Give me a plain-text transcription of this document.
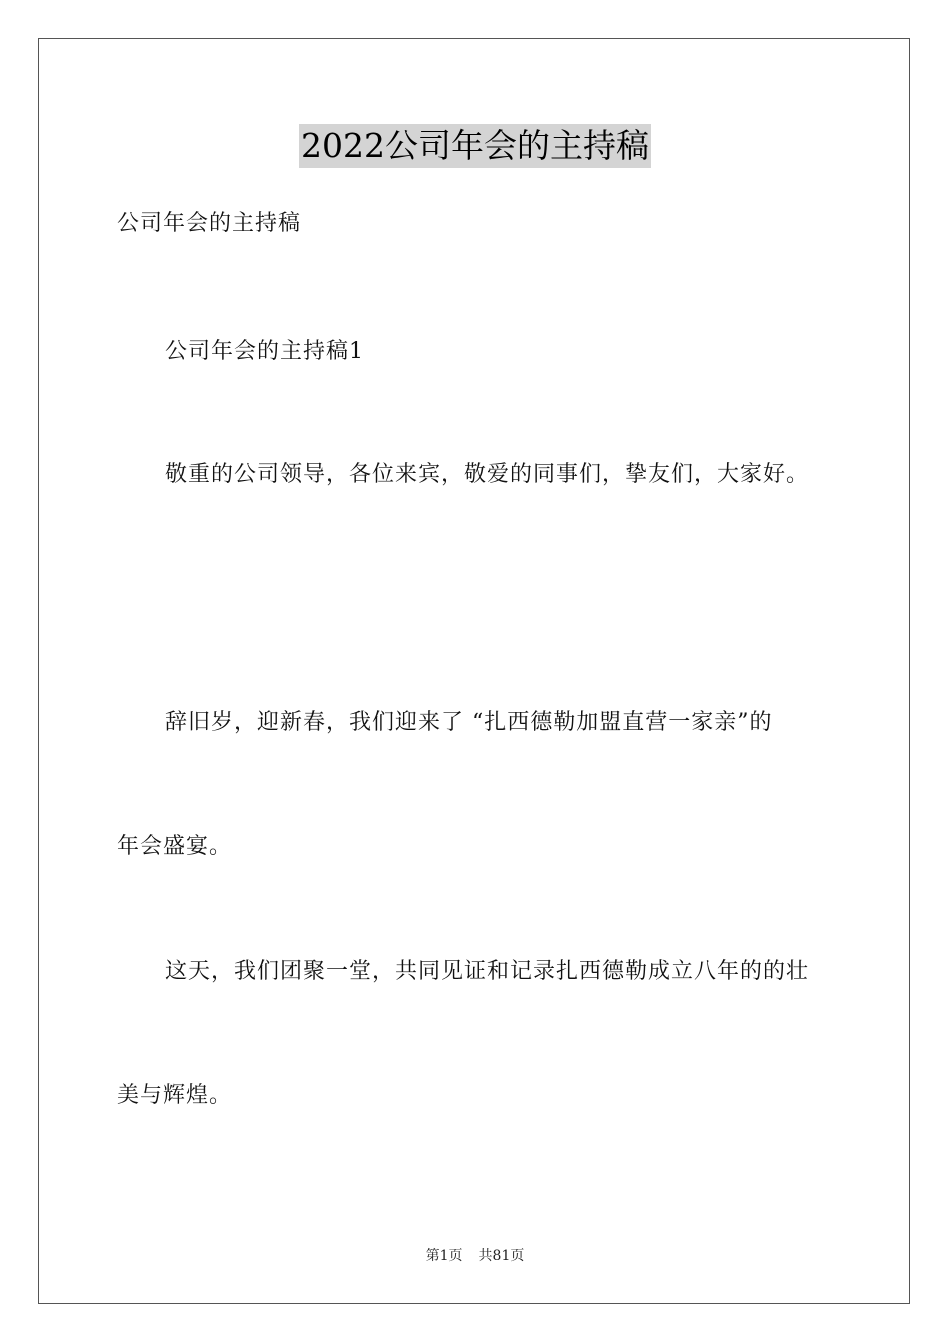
2022公司年会的主持稿
公司年会的主持稿
公司年会的主持稿1
敬重的公司领导，各位来宾，敬爱的同事们，挚友们，大家好。
辞旧岁，迎新春，我们迎来了 “扎西德勒加盟直营一家亲”的
年会盛宴。
这天，我们团聚一堂，共同见证和记录扎西德勒成立八年的的壮
美与辉煌。
第1页 共81页
